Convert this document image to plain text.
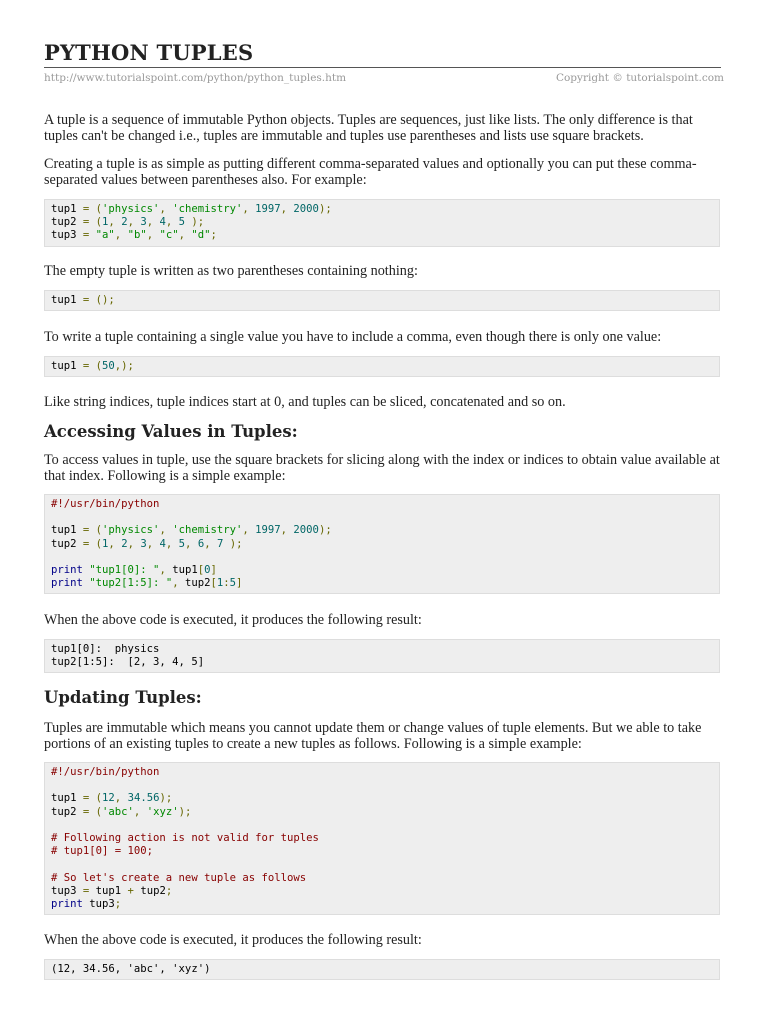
PYTHON TUPLES
http://www.tutorialspoint.com/python/python_tuples.htm	Copyright © tutorialspoint.com

A tuple is a sequence of immutable Python objects. Tuples are sequences, just like lists. The only difference is that tuples can't be changed i.e., tuples are immutable and tuples use parentheses and lists use square brackets.

Creating a tuple is as simple as putting different comma-separated values and optionally you can put these comma-separated values between parentheses also. For example:

tup1 = ('physics', 'chemistry', 1997, 2000);
tup2 = (1, 2, 3, 4, 5 );
tup3 = "a", "b", "c", "d";

The empty tuple is written as two parentheses containing nothing:

tup1 = ();

To write a tuple containing a single value you have to include a comma, even though there is only one value:

tup1 = (50,);

Like string indices, tuple indices start at 0, and tuples can be sliced, concatenated and so on.

Accessing Values in Tuples:

To access values in tuple, use the square brackets for slicing along with the index or indices to obtain value available at that index. Following is a simple example:

#!/usr/bin/python
tup1 = ('physics', 'chemistry', 1997, 2000);
tup2 = (1, 2, 3, 4, 5, 6, 7 );
print "tup1[0]: ", tup1[0]
print "tup2[1:5]: ", tup2[1:5]

When the above code is executed, it produces the following result:

tup1[0]:  physics
tup2[1:5]:  [2, 3, 4, 5]
Updating Tuples:

Tuples are immutable which means you cannot update them or change values of tuple elements. But we able to take portions of an existing tuples to create a new tuples as follows. Following is a simple example:

#!/usr/bin/python
tup1 = (12, 34.56);
tup2 = ('abc', 'xyz');
# Following action is not valid for tuples
# tup1[0] = 100;
# So let's create a new tuple as follows
tup3 = tup1 + tup2;
print tup3;

When the above code is executed, it produces the following result:

(12, 34.56, 'abc', 'xyz')
